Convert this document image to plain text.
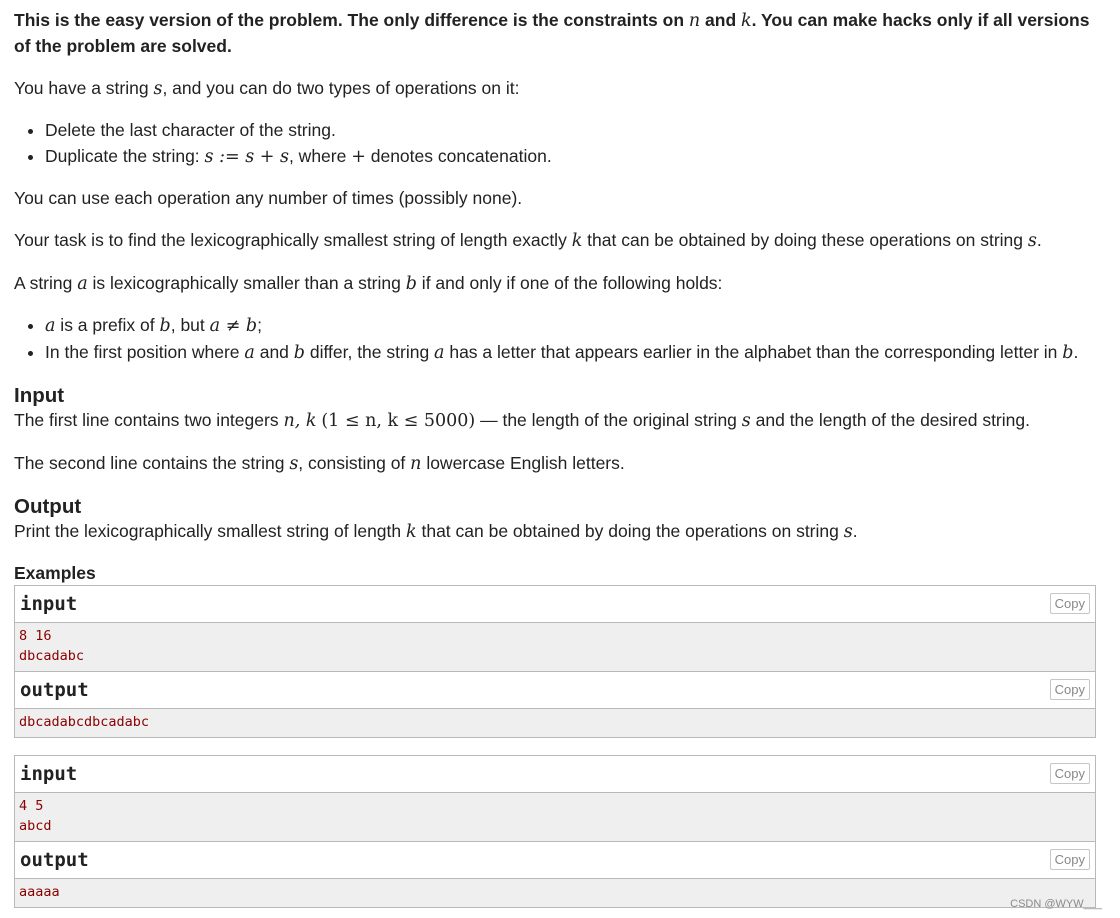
This is the easy version of the problem. The only difference is the constraints on n and k. You can make hacks only if all versions of the problem are solved.

You have a string s, and you can do two types of operations on it:

• Delete the last character of the string.
• Duplicate the string: s := s + s, where + denotes concatenation.

You can use each operation any number of times (possibly none).

Your task is to find the lexicographically smallest string of length exactly k that can be obtained by doing these operations on string s.

A string a is lexicographically smaller than a string b if and only if one of the following holds:

• a is a prefix of b, but a ≠ b;
• In the first position where a and b differ, the string a has a letter that appears earlier in the alphabet than the corresponding letter in b.
Input

The first line contains two integers n, k (1 ≤ n, k ≤ 5000) — the length of the original string s and the length of the desired string.

The second line contains the string s, consisting of n lowercase English letters.

Output

Print the lexicographically smallest string of length k that can be obtained by doing the operations on string s.

Examples
input	Copy
8 16
dbcadabc
output	Copy
dbcadabcdbcadabc
input	Copy
4 5
abcd
output	Copy
aaaaa
CSDN @WYW___
